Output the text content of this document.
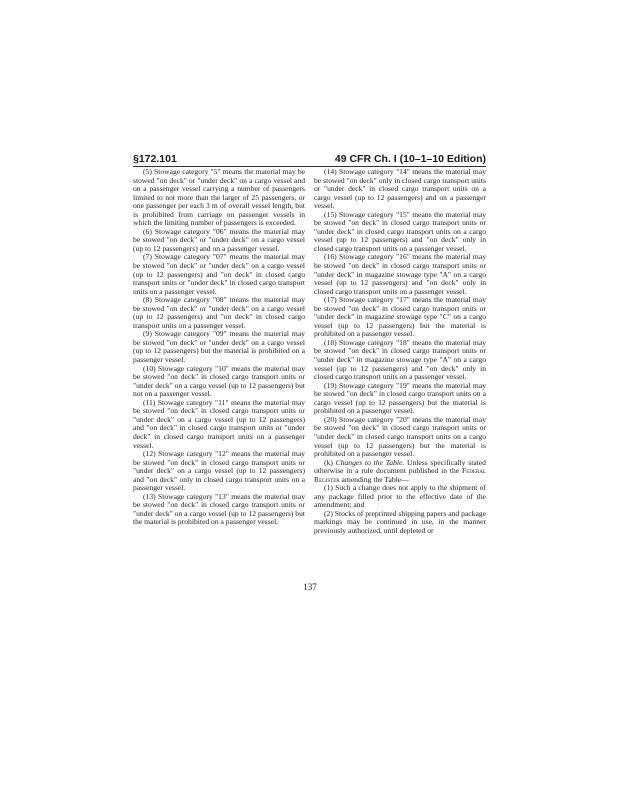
§172.101	49 CFR Ch. I (10–1–10 Edition)

(5) Stowage category "5" means the material may be stowed "on deck" or "under deck" on a cargo vessel and on a passenger vessel carrying a number of passengers limited to not more than the larger of 25 passengers, or one passenger per each 3 m of overall vessel length, but is prohibited from carriage on passenger vessels in which the limiting number of passengers is exceeded.

(6) Stowage category "06" means the material may be stowed "on deck" or "under deck" on a cargo vessel (up to 12 passengers) and on a passenger vessel.

(7) Stowage category "07" means the material may be stowed "on deck" or "under deck" on a cargo vessel (up to 12 passengers) and "on deck" in closed cargo transport units or "under deck" in closed cargo transport units on a passenger vessel.

(8) Stowage category "08" means the material may be stowed "on deck" or "under deck" on a cargo vessel (up to 12 passengers) and "on deck" in closed cargo transport units on a passenger vessel.

(9) Stowage category "09" means the material may be stowed "on deck" or "under deck" on a cargo vessel (up to 12 passengers) but the material is prohibited on a passenger vessel.

(10) Stowage category "10" means the material may be stowed "on deck" in closed cargo transport units or "under deck" on a cargo vessel (up to 12 passengers) but not on a passenger vessel.

(11) Stowage category "11" means the material may be stowed "on deck" in closed cargo transport units or "under deck" on a cargo vessel (up to 12 passengers) and "on deck" in closed cargo transport units or "under deck" in closed cargo transport units on a passenger vessel.

(12) Stowage category "12" means the material may be stowed "on deck" in closed cargo transport units or "under deck" on a cargo vessel (up to 12 passengers) and "on deck" only in closed cargo transport units on a passenger vessel.

(13) Stowage category "13" means the material may be stowed "on deck" in closed cargo transport units or "under deck" on a cargo vessel (up to 12 passengers) but the material is prohibited on a passenger vessel.

(14) Stowage category "14" means the material may be stowed "on deck" only in closed cargo transport units or "under deck" in closed cargo transport units on a cargo vessel (up to 12 passengers) and on a passenger vessel.

(15) Stowage category "15" means the material may be stowed "on deck" in closed cargo transport units or "under deck" in closed cargo transport units on a cargo vessel (up to 12 passengers) and "on deck" only in closed cargo transport units on a passenger vessel.

(16) Stowage category "16" means the material may be stowed "on deck" in closed cargo transport units or "under deck" in magazine stowage type "A" on a cargo vessel (up to 12 passengers) and "on deck" only in closed cargo transport units on a passenger vessel.

(17) Stowage category "17" means the material may be stowed "on deck" in closed cargo transport units or "under deck" in magazine stowage type "C" on a cargo vessel (up to 12 passengers) but the material is prohibited on a passenger vessel.

(18) Stowage category "18" means the material may be stowed "on deck" in closed cargo transport units or "under deck" in magazine stowage type "A" on a cargo vessel (up to 12 passengers) and "on deck" only in closed cargo transport units on a passenger vessel.

(19) Stowage category "19" means the material may be stowed "on deck" in closed cargo transport units on a cargo vessel (up to 12 passengers) but the material is prohibited on a passenger vessel.

(20) Stowage category "20" means the material may be stowed "on deck" in closed cargo transport units or "under deck" in closed cargo transport units on a cargo vessel (up to 12 passengers) but the material is prohibited on a passenger vessel.

(k) Changes to the Table. Unless specifically stated otherwise in a rule document published in the Federal Register amending the Table—

(1) Such a change does not apply to the shipment of any package filled prior to the effective date of the amendment; and

(2) Stocks of preprinted shipping papers and package markings may be continued in use, in the manner previously authorized, until depleted or

137
